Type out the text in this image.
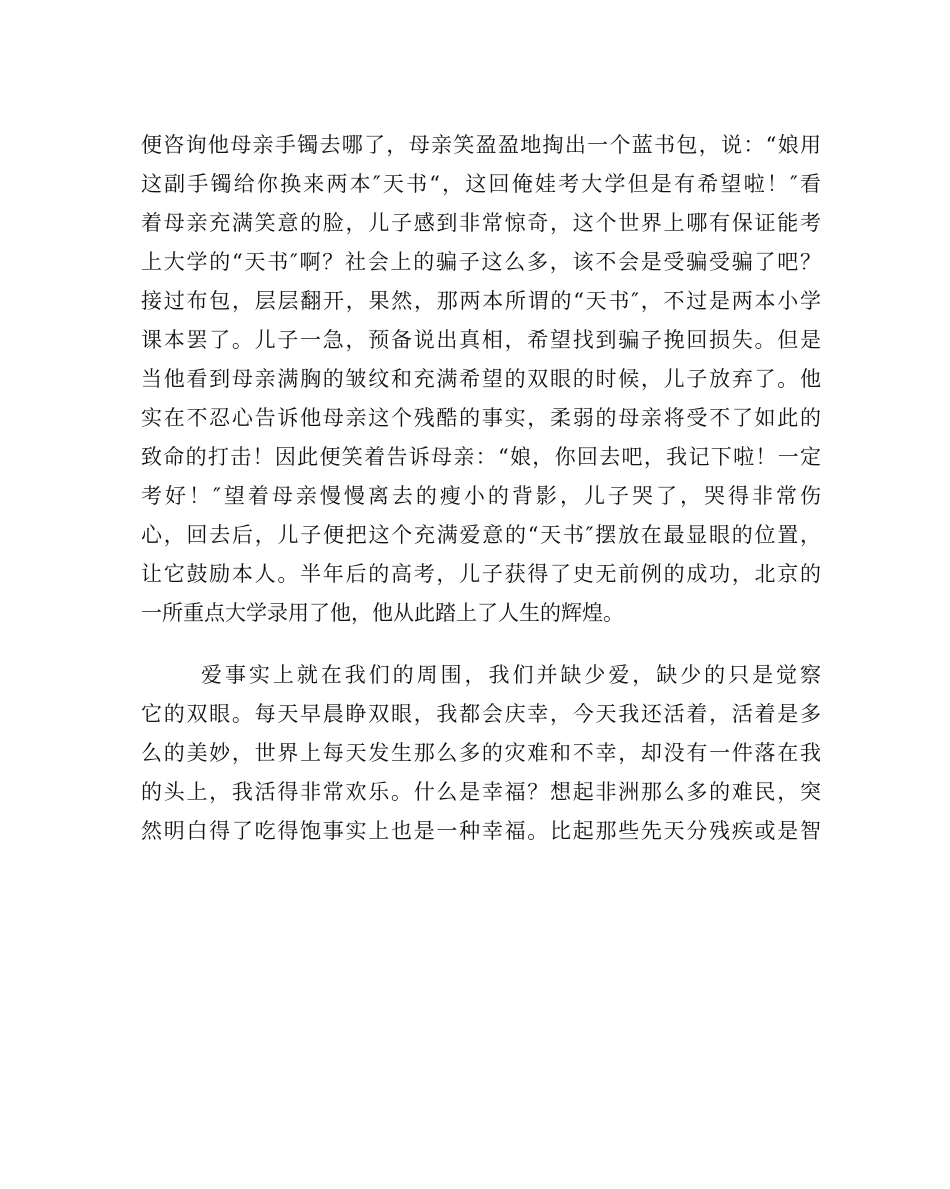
便咨询他母亲手镯去哪了，母亲笑盈盈地掏出一个蓝书包，说：“娘用
这副手镯给你换来两本″天书“，这回俺娃考大学但是有希望啦！″看
着母亲充满笑意的脸，儿子感到非常惊奇，这个世界上哪有保证能考
上大学的“天书″啊？社会上的骗子这么多，该不会是受骗受骗了吧？
接过布包，层层翻开，果然，那两本所谓的“天书″，不过是两本小学
课本罢了。儿子一急，预备说出真相，希望找到骗子挽回损失。但是
当他看到母亲满胸的皱纹和充满希望的双眼的时候，儿子放弃了。他
实在不忍心告诉他母亲这个残酷的事实，柔弱的母亲将受不了如此的
致命的打击！因此便笑着告诉母亲：“娘，你回去吧，我记下啦！一定
考好！″望着母亲慢慢离去的瘦小的背影，儿子哭了，哭得非常伤
心，回去后，儿子便把这个充满爱意的“天书″摆放在最显眼的位置，
让它鼓励本人。半年后的高考，儿子获得了史无前例的成功，北京的
一所重点大学录用了他，他从此踏上了人生的辉煌。
爱事实上就在我们的周围，我们并缺少爱，缺少的只是觉察
它的双眼。每天早晨睁双眼，我都会庆幸，今天我还活着，活着是多
么的美妙，世界上每天发生那么多的灾难和不幸，却没有一件落在我
的头上，我活得非常欢乐。什么是幸福？想起非洲那么多的难民，突
然明白得了吃得饱事实上也是一种幸福。比起那些先天分残疾或是智
